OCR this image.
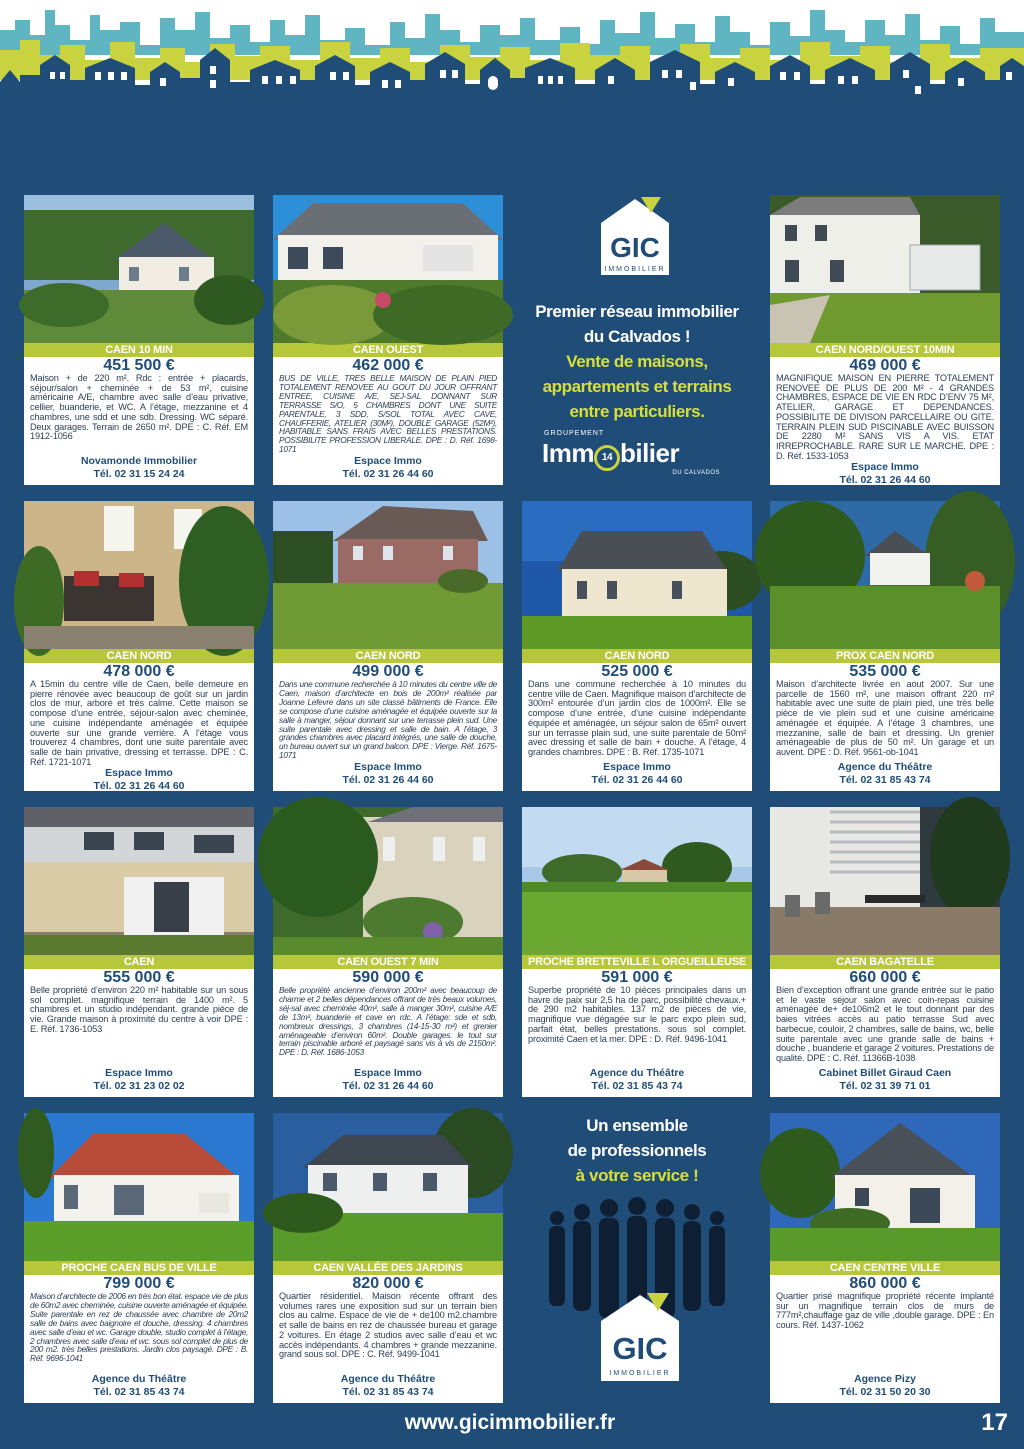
CAEN 10 MIN
451 500 €
Maison + de 220 m². Rdc : entrée + placards, séjour/salon + cheminée + de 53 m², cuisine américaine A/E, chambre avec salle d’eau privative, cellier, buanderie, et WC. A l’étage, mezzanine et 4 chambres, une sdd et une sdb. Dressing. WC séparé. Deux garages. Terrain de 2650 m². DPE : C. Réf. EM 1912-1056
Novamonde Immobilier
Tél. 02 31 15 24 24
CAEN OUEST
462 000 €
BUS DE VILLE, TRES BELLE MAISON DE PLAIN PIED TOTALEMENT RENOVEE AU GOUT DU JOUR OFFRANT ENTREE, CUISINE A/E, SEJ-SAL DONNANT SUR TERRASSE S/O, 5 CHAMBRES DONT UNE SUITE PARENTALE, 3 SDD, S/SOL TOTAL AVEC CAVE, CHAUFFERIE, ATELIER (30M²), DOUBLE GARAGE (52M²), HABITABLE SANS FRAIS AVEC BELLES PRESTATIONS. POSSIBILITE PROFESSION LIBERALE. DPE : D. Réf. 1698-1071
Espace Immo
Tél. 02 31 26 44 60
GIC
IMMOBILIER
Premier réseau immobilier
du Calvados !
Vente de maisons,
appartements et terrains
entre particuliers.
GROUPEMENT
Imm 14 bilier
DU CALVADOS
CAEN NORD/OUEST 10MIN
469 000 €
MAGNIFIQUE MAISON EN PIERRE TOTALEMENT RENOVEE DE PLUS DE 200 M² - 4 GRANDES CHAMBRES, ESPACE DE VIE EN RDC D’ENV 75 M², ATELIER, GARAGE ET DEPENDANCES. POSSIBILITE DE DIVISON PARCELLAIRE OU GITE. TERRAIN PLEIN SUD PISCINABLE AVEC BUISSON DE 2280 M² SANS VIS A VIS. ETAT IRREPROCHABLE. RARE SUR LE MARCHE. DPE : D. Réf. 1533-1053
Espace Immo
Tél. 02 31 26 44 60
CAEN NORD
478 000 €
A 15min du centre ville de Caen, belle demeure en pierre rénovée avec beaucoup de goût sur un jardin clos de mur, arboré et très calme. Cette maison se compose d’une entrée, séjour-salon avec cheminée, une cuisine indépendante aménagée et équipée ouverte sur une grande verrière. A l’étage vous trouverez 4 chambres, dont une suite parentale avec salle de bain privative, dressing et terrasse. DPE : C. Réf. 1721-1071
Espace Immo
Tél. 02 31 26 44 60
CAEN NORD
499 000 €
Dans une commune recherchée à 10 minutes du centre ville de Caen, maison d’architecte en bois de 200m² réalisée par Joanne Lefevre dans un site classé bâtiments de France. Elle se compose d’une cuisine aménagée et équipée ouverte sur la salle à manger, séjour donnant sur une terrasse plein sud. Une suite parentale avec dressing et salle de bain. A l’étage, 3 grandes chambres avec placard intégrés, une salle de douche, un bureau ouvert sur un grand balcon. DPE : Vierge. Réf. 1675-1071
Espace Immo
Tél. 02 31 26 44 60
CAEN NORD
525 000 €
Dans une commune recherchée à 10 minutes du centre ville de Caen. Magnifique maison d’architecte de 300m² entourée d’un jardin clos de 1000m². Elle se compose d’une entrée, d’une cuisine indépendante équipée et aménagée, un séjour salon de 65m² ouvert sur un terrasse plain sud, une suite parentale de 50m² avec dressing et salle de bain + douche. A l’étage, 4 grandes chambres. DPE : B. Réf. 1735-1071
Espace Immo
Tél. 02 31 26 44 60
PROX CAEN NORD
535 000 €
Maison d’architecte livrée en aout 2007. Sur une parcelle de 1560 m², une maison offrant 220 m² habitable avec une suite de plain pied, une très belle pièce de vie plein sud et une cuisine américaine aménagée et équipée. A l’étage 3 chambres, une mezzanine, salle de bain et dressing. Un grenier aménageable de plus de 50 m². Un garage et un auvent. DPE : D. Réf. 9561-ob-1041
Agence du Théâtre
Tél. 02 31 85 43 74
CAEN
555 000 €
Belle propriété d’environ 220 m² habitable sur un sous sol complet. magnifique terrain de 1400 m². 5 chambres et un studio indépendant. grande pièce de vie. Grande maison à proximité du centre à voir DPE : E. Réf. 1736-1053
Espace Immo
Tél. 02 31 23 02 02
CAEN OUEST 7 MIN
590 000 €
Belle propriété ancienne d’environ 200m² avec beaucoup de charme et 2 belles dépendances offrant de très beaux volumes, séj-sal avec cheminée 40m², salle à manger 30m², cuisine A/E de 13m², buanderie et cave en rdc. A l’étage: sde et sdb, nombreux dressings, 3 chambres (14-15-30 m²) et grenier aménageable d’environ 60m². Double garages. le tout sur terrain piscinable arboré et paysagé sans vis à vis de 2150m². DPE : D. Réf. 1686-1053
Espace Immo
Tél. 02 31 26 44 60
PROCHE BRETTEVILLE L ORGUEILLEUSE
591 000 €
Superbe propriété de 10 pièces principales dans un havre de paix sur 2,5 ha de parc, possibilité chevaux.+ de 290 m2 habitables. 137 m2 de pièces de vie, magnifique vue dégagée sur le parc expo plein sud, parfait état, belles prestations. sous sol complet. proximité Caen et la mer. DPE : D. Réf. 9496-1041
Agence du Théâtre
Tél. 02 31 85 43 74
CAEN BAGATELLE
660 000 €
Bien d’exception offrant une grande entrée sur le patio et le vaste séjour salon avec coin-repas cuisine aménagée de+ de106m2 et le tout donnant par des baies vitrées accès au patio terrasse Sud avec barbecue, couloir, 2 chambres, salle de bains, wc, belle suite parentale avec une grande salle de bains + douche , buanderie et garage 2 voitures. Prestations de qualité. DPE : C. Réf. 11366B-1038
Cabinet Billet Giraud Caen
Tél. 02 31 39 71 01
PROCHE CAEN BUS DE VILLE
799 000 €
Maison d’architecte de 2006 en très bon état. espace vie de plus de 60m2 avec cheminée, cuisine ouverte aménagée et équipée. Suite parentale en rez de chaussée avec chambre de 20m2 salle de bains avec baignoire et douche, dressing. 4 chambres avec salle d’eau et wc. Garage double, studio complet à l’étage, 2 chambres avec salle d’eau et wc. sous sol complet de plus de 200 m2. très belles prestations. Jardin clos paysagé. DPE : B. Réf. 9696-1041
Agence du Théâtre
Tél. 02 31 85 43 74
CAEN VALLÉE DES JARDINS
820 000 €
Quartier résidentiel. Maison récente offrant des volumes rares une exposition sud sur un terrain bien clos au calme. Espace de vie de + de100 m2.chambre et salle de bains en rez de chaussée bureau et garage 2 voitures. En étage 2 studios avec salle d’eau et wc accès indépendants. 4 chambres + grande mezzanine. grand sous sol. DPE : C. Réf. 9499-1041
Agence du Théâtre
Tél. 02 31 85 43 74
Un ensemble
de professionnels
à votre service !
GIC
IMMOBILIER
CAEN CENTRE VILLE
860 000 €
Quartier prisé magnifique propriété récente implanté sur un magnifique terrain clos de murs de 777m²,chauffage gaz de ville ,double garage. DPE : En cours. Réf. 1437-1062
Agence Pizy
Tél. 02 31 50 20 30
www.gicimmobilier.fr	17
